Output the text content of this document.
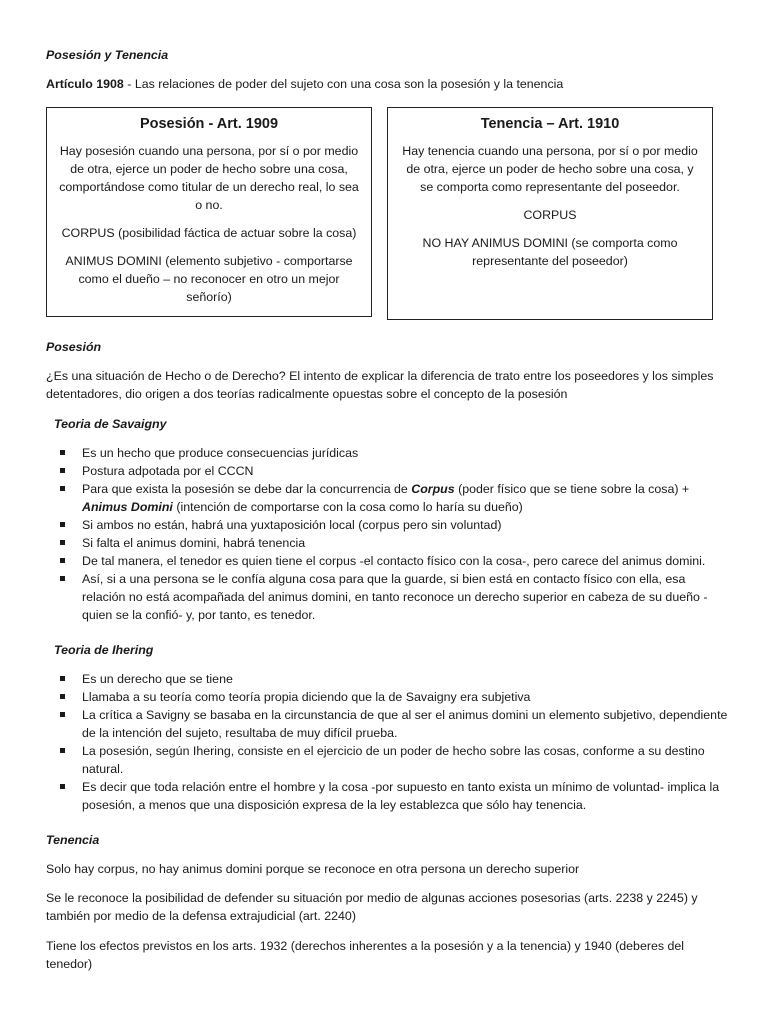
Posesión y Tenencia
Artículo 1908 - Las relaciones de poder del sujeto con una cosa son la posesión y la tenencia
Posesión - Art. 1909

Hay posesión cuando una persona, por sí o por medio de otra, ejerce un poder de hecho sobre una cosa, comportándose como titular de un derecho real, lo sea o no.

CORPUS (posibilidad fáctica de actuar sobre la cosa)

ANIMUS DOMINI (elemento subjetivo - comportarse como el dueño – no reconocer en otro un mejor señorío)

Tenencia – Art. 1910

Hay tenencia cuando una persona, por sí o por medio de otra, ejerce un poder de hecho sobre una cosa, y se comporta como representante del poseedor.

CORPUS

NO HAY ANIMUS DOMINI (se comporta como representante del poseedor)

Posesión

¿Es una situación de Hecho o de Derecho? El intento de explicar la diferencia de trato entre los poseedores y los simples detentadores, dio origen a dos teorías radicalmente opuestas sobre el concepto de la posesión

Teoria de Savaigny
Es un hecho que produce consecuencias jurídicas
Postura adpotada por el CCCN
Para que exista la posesión se debe dar la concurrencia de Corpus (poder físico que se tiene sobre la cosa) + Animus Domini (intención de comportarse con la cosa como lo haría su dueño)
Si ambos no están, habrá una yuxtaposición local (corpus pero sin voluntad)
Si falta el animus domini, habrá tenencia
De tal manera, el tenedor es quien tiene el corpus -el contacto físico con la cosa-, pero carece del animus domini.
Así, si a una persona se le confía alguna cosa para que la guarde, si bien está en contacto físico con ella, esa relación no está acompañada del animus domini, en tanto reconoce un derecho superior en cabeza de su dueño -quien se la confió- y, por tanto, es tenedor.
Teoria de Ihering
Es un derecho que se tiene
Llamaba a su teoría como teoría propia diciendo que la de Savaigny era subjetiva
La crítica a Savigny se basaba en la circunstancia de que al ser el animus domini un elemento subjetivo, dependiente de la intención del sujeto, resultaba de muy difícil prueba.
La posesión, según Ihering, consiste en el ejercicio de un poder de hecho sobre las cosas, conforme a su destino natural.
Es decir que toda relación entre el hombre y la cosa -por supuesto en tanto exista un mínimo de voluntad- implica la posesión, a menos que una disposición expresa de la ley establezca que sólo hay tenencia.
Tenencia

Solo hay corpus, no hay animus domini porque se reconoce en otra persona un derecho superior

Se le reconoce la posibilidad de defender su situación por medio de algunas acciones posesorias (arts. 2238 y 2245) y también por medio de la defensa extrajudicial (art. 2240)

Tiene los efectos previstos en los arts. 1932 (derechos inherentes a la posesión y a la tenencia) y 1940 (deberes del tenedor)
